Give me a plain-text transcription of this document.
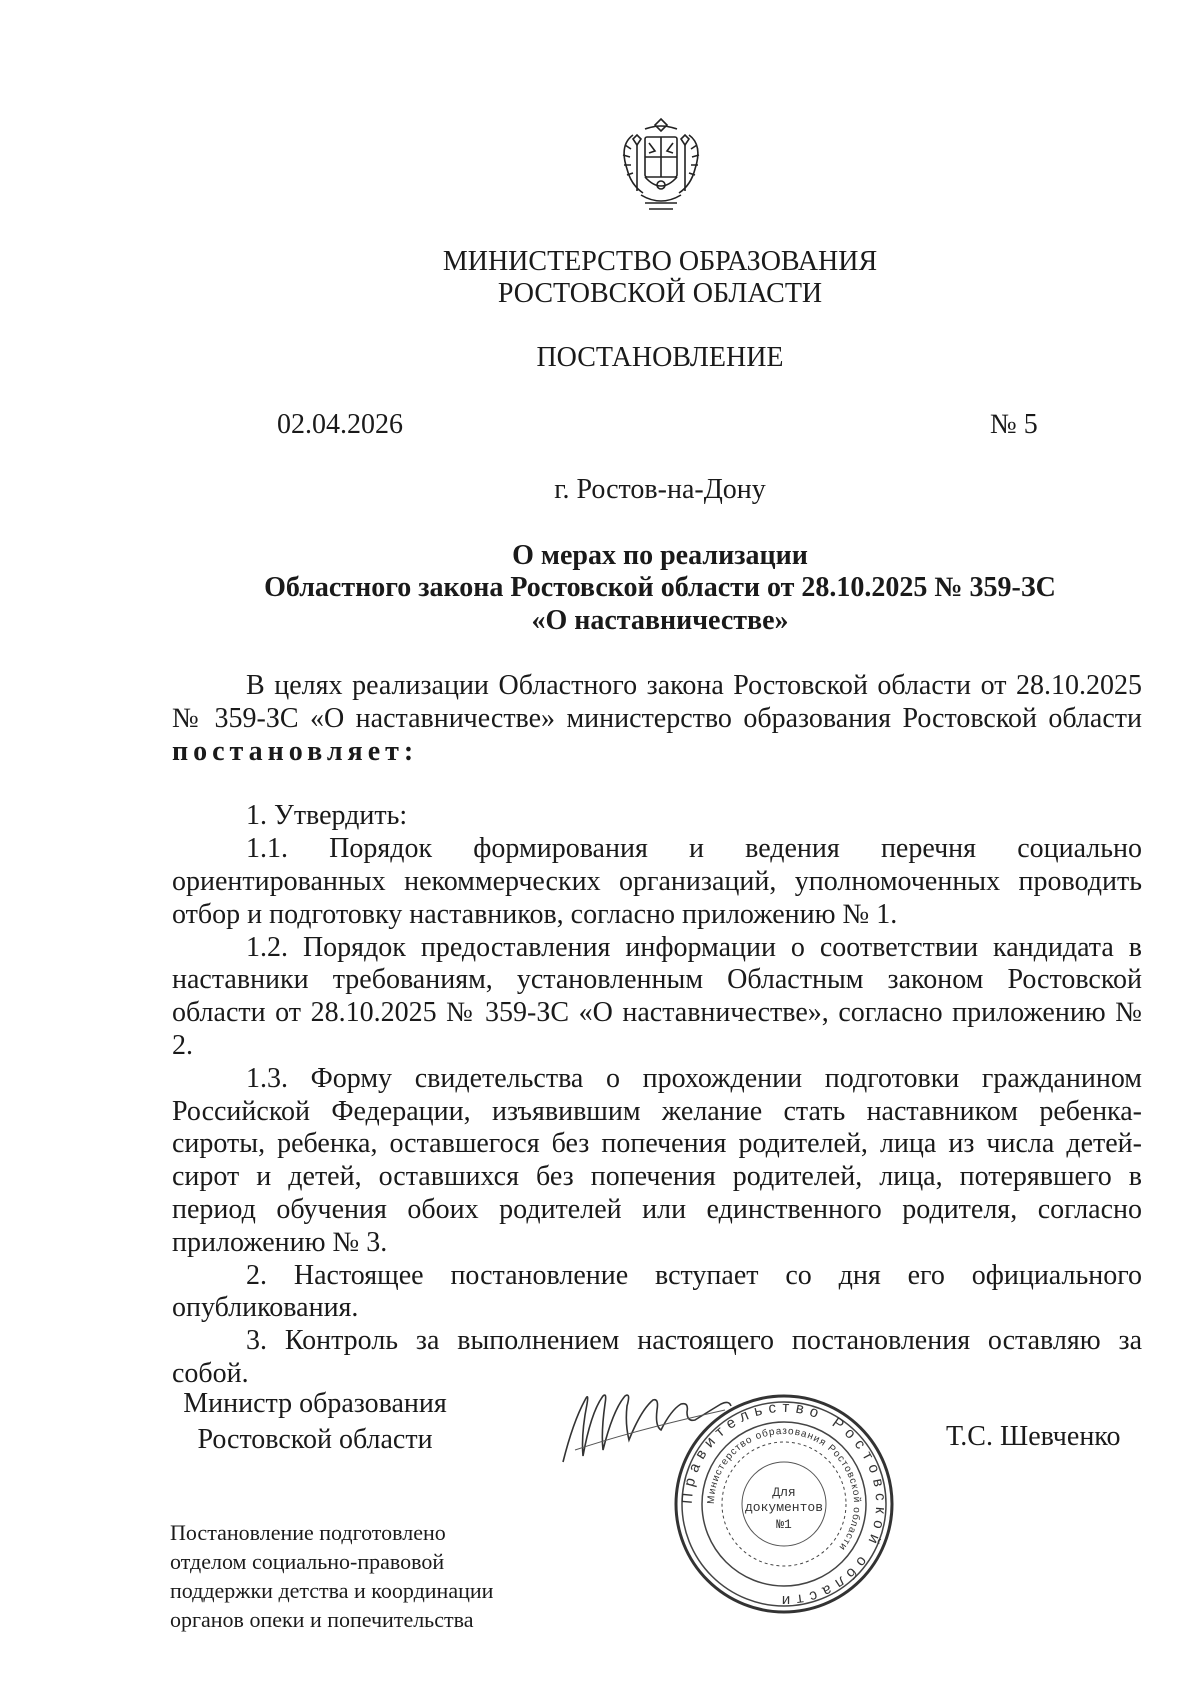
МИНИСТЕРСТВО ОБРАЗОВАНИЯ
РОСТОВСКОЙ ОБЛАСТИ
ПОСТАНОВЛЕНИЕ
02.04.2026	№ 5
г. Ростов-на-Дону
О мерах по реализации
Областного закона Ростовской области от 28.10.2025 № 359-ЗС
«О наставничестве»

В целях реализации Областного закона Ростовской области от 28.10.2025 № 359-ЗС «О наставничестве» министерство образования Ростовской области постановляет:

1. Утвердить:

1.1. Порядок формирования и ведения перечня социально ориентированных некоммерческих организаций, уполномоченных проводить отбор и подготовку наставников, согласно приложению № 1.

1.2. Порядок предоставления информации о соответствии кандидата в наставники требованиям, установленным Областным законом Ростовской области от 28.10.2025 № 359-ЗС «О наставничестве», согласно приложению № 2.

1.3. Форму свидетельства о прохождении подготовки гражданином Российской Федерации, изъявившим желание стать наставником ребенка-сироты, ребенка, оставшегося без попечения родителей, лица из числа детей-сирот и детей, оставшихся без попечения родителей, лица, потерявшего в период обучения обоих родителей или единственного родителя, согласно приложению № 3.

2. Настоящее постановление вступает со дня его официального опубликования.

3. Контроль за выполнением настоящего постановления оставляю за собой.

Министр образования
Ростовской области
Правительство Ростовской области
Министерство образования Ростовской области
Для
документов
№1
Т.С. Шевченко
Постановление подготовлено
отделом социально-правовой
поддержки детства и координации
органов опеки и попечительства
